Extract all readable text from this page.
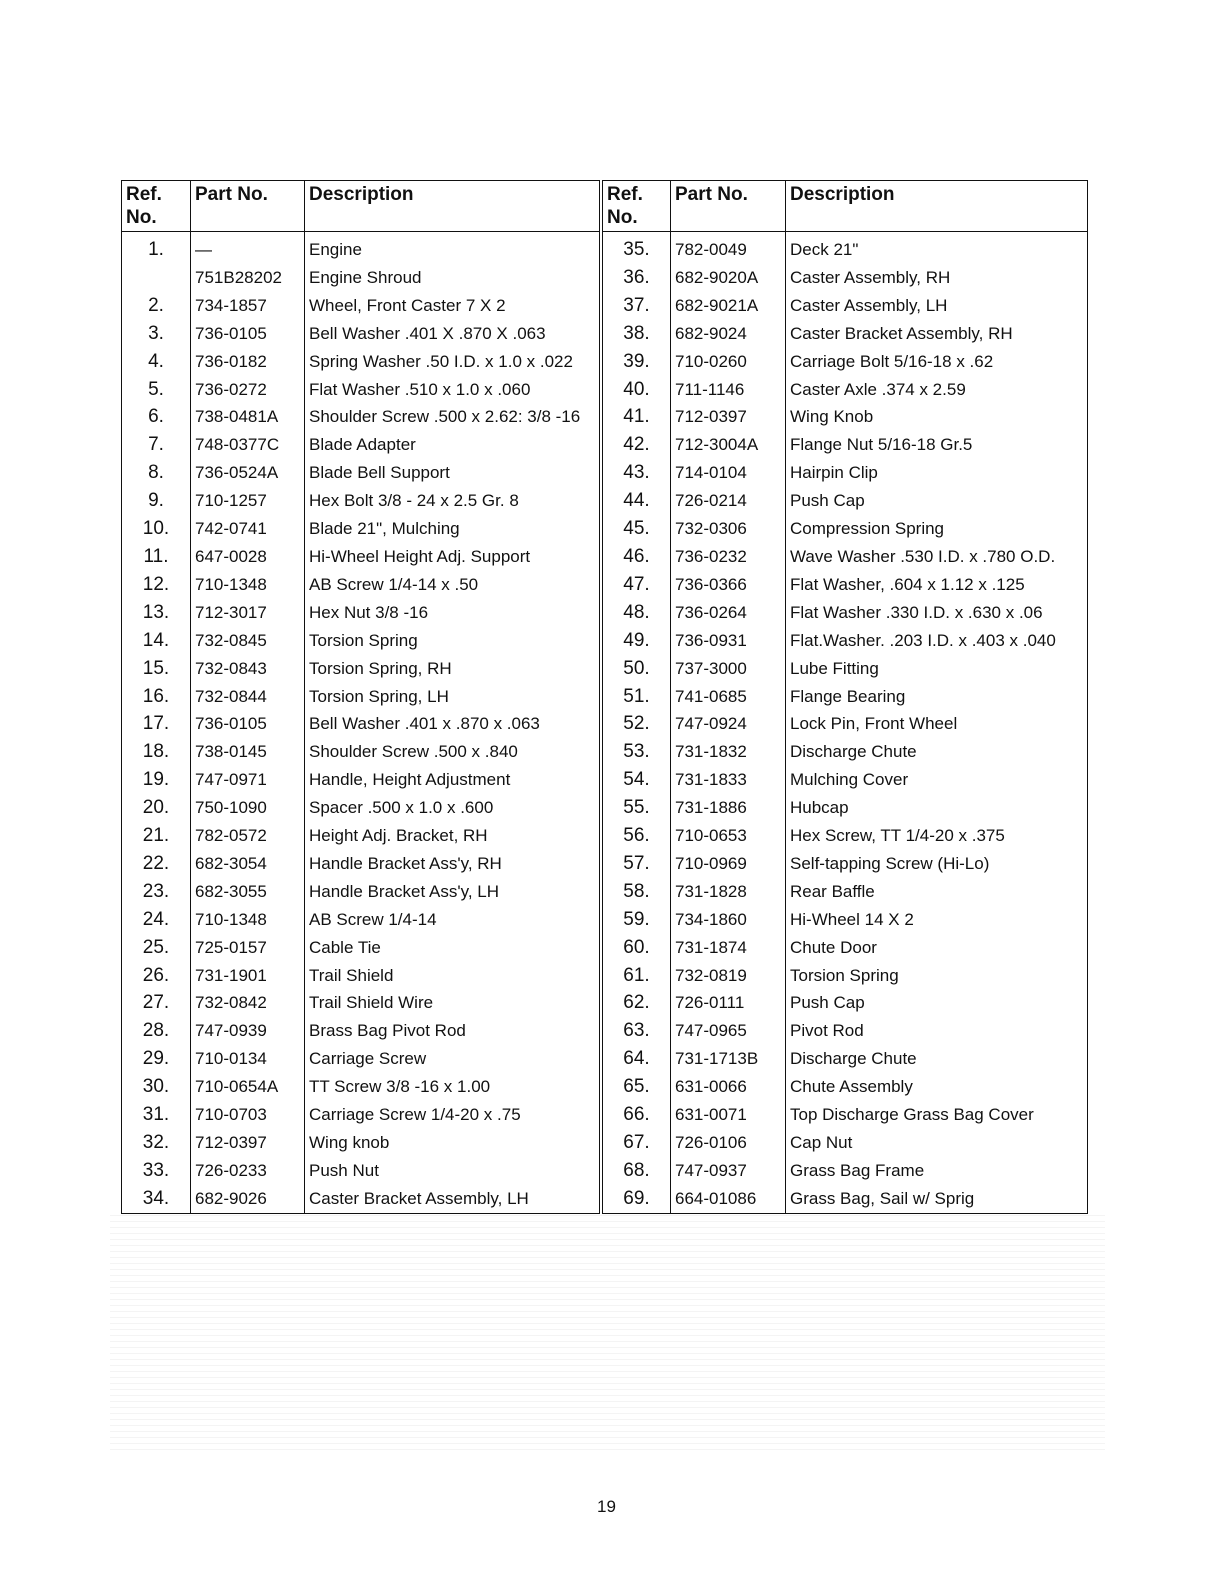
Ref. No.	Part No.	Description
1.	—	Engine
	751B28202	Engine Shroud
2.	734-1857	Wheel, Front Caster 7 X 2
3.	736-0105	Bell Washer .401 X .870 X .063
4.	736-0182	Spring Washer .50 I.D. x 1.0 x .022
5.	736-0272	Flat Washer .510 x 1.0 x .060
6.	738-0481A	Shoulder Screw .500 x 2.62: 3/8 -16
7.	748-0377C	Blade Adapter
8.	736-0524A	Blade Bell Support
9.	710-1257	Hex Bolt 3/8 - 24 x 2.5 Gr. 8
10.	742-0741	Blade 21", Mulching
11.	647-0028	Hi-Wheel Height Adj. Support
12.	710-1348	AB Screw 1/4-14 x .50
13.	712-3017	Hex Nut 3/8 -16
14.	732-0845	Torsion Spring
15.	732-0843	Torsion Spring, RH
16.	732-0844	Torsion Spring, LH
17.	736-0105	Bell Washer .401 x .870 x .063
18.	738-0145	Shoulder Screw .500 x .840
19.	747-0971	Handle, Height Adjustment
20.	750-1090	Spacer .500 x 1.0 x .600
21.	782-0572	Height Adj. Bracket, RH
22.	682-3054	Handle Bracket Ass'y, RH
23.	682-3055	Handle Bracket Ass'y, LH
24.	710-1348	AB Screw 1/4-14
25.	725-0157	Cable Tie
26.	731-1901	Trail Shield
27.	732-0842	Trail Shield Wire
28.	747-0939	Brass Bag Pivot Rod
29.	710-0134	Carriage Screw
30.	710-0654A	TT Screw 3/8 -16 x 1.00
31.	710-0703	Carriage Screw 1/4-20 x .75
32.	712-0397	Wing knob
33.	726-0233	Push Nut
34.	682-9026	Caster Bracket Assembly, LH
Ref. No.	Part No.	Description
35.	782-0049	Deck 21"
36.	682-9020A	Caster Assembly, RH
37.	682-9021A	Caster Assembly, LH
38.	682-9024	Caster Bracket Assembly, RH
39.	710-0260	Carriage Bolt 5/16-18 x .62
40.	711-1146	Caster Axle .374 x 2.59
41.	712-0397	Wing Knob
42.	712-3004A	Flange Nut 5/16-18 Gr.5
43.	714-0104	Hairpin Clip
44.	726-0214	Push Cap
45.	732-0306	Compression Spring
46.	736-0232	Wave Washer .530 I.D. x .780 O.D.
47.	736-0366	Flat Washer, .604 x 1.12 x .125
48.	736-0264	Flat Washer .330 I.D. x .630 x .06
49.	736-0931	Flat.Washer. .203 I.D. x .403 x .040
50.	737-3000	Lube Fitting
51.	741-0685	Flange Bearing
52.	747-0924	Lock Pin, Front Wheel
53.	731-1832	Discharge Chute
54.	731-1833	Mulching Cover
55.	731-1886	Hubcap
56.	710-0653	Hex Screw, TT 1/4-20 x .375
57.	710-0969	Self-tapping Screw (Hi-Lo)
58.	731-1828	Rear Baffle
59.	734-1860	Hi-Wheel 14 X 2
60.	731-1874	Chute Door
61.	732-0819	Torsion Spring
62.	726-0111	Push Cap
63.	747-0965	Pivot Rod
64.	731-1713B	Discharge Chute
65.	631-0066	Chute Assembly
66.	631-0071	Top Discharge Grass Bag Cover
67.	726-0106	Cap Nut
68.	747-0937	Grass Bag Frame
69.	664-01086	Grass Bag, Sail w/ Sprig
19
